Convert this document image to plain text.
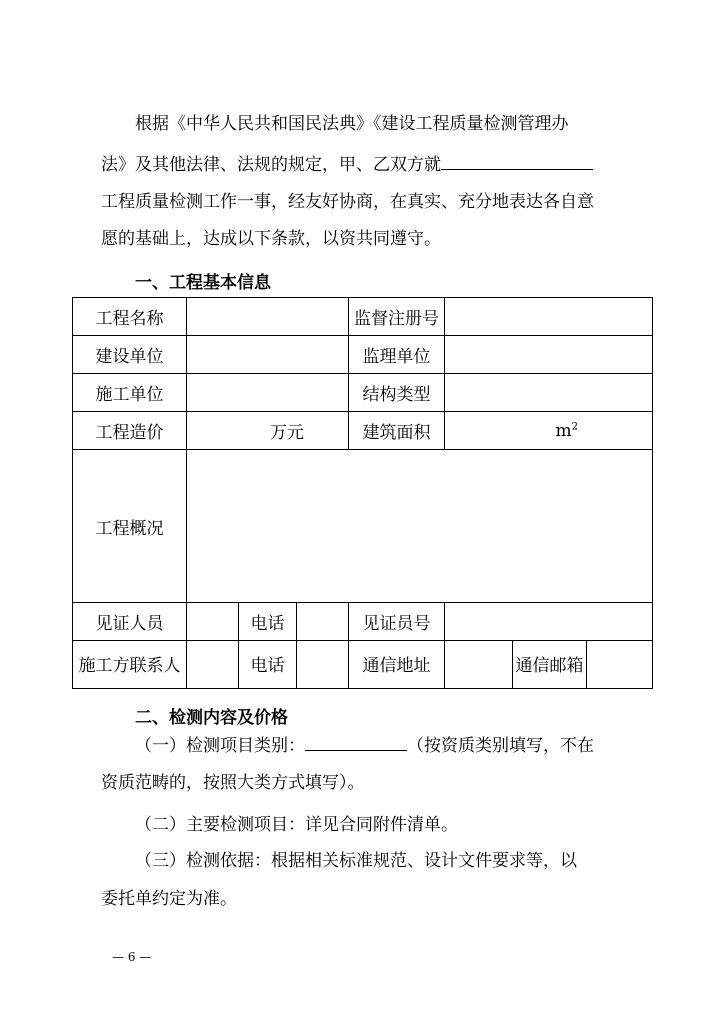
根据《中华人民共和国民法典》《建设工程质量检测管理办

法》及其他法律、法规的规定，甲、乙双方就

工程质量检测工作一事，经友好协商，在真实、充分地表达各自意

愿的基础上，达成以下条款，以资共同遵守。

一、工程基本信息

工程名称				监督注册号			
建设单位				监理单位			
施工单位				结构类型			
工程造价	万元			建筑面积	$m^2$
工程概况							
见证人员		电话		见证员号			
施工方联系人		电话		通信地址		通信邮箱	

二、检测内容及价格

（一）检测项目类别：	（按资质类别填写，不在

资质范畴的，按照大类方式填写）。

（二）主要检测项目：详见合同附件清单。

（三）检测依据：根据相关标准规范、设计文件要求等，以

委托单约定为准。

— 6 —
